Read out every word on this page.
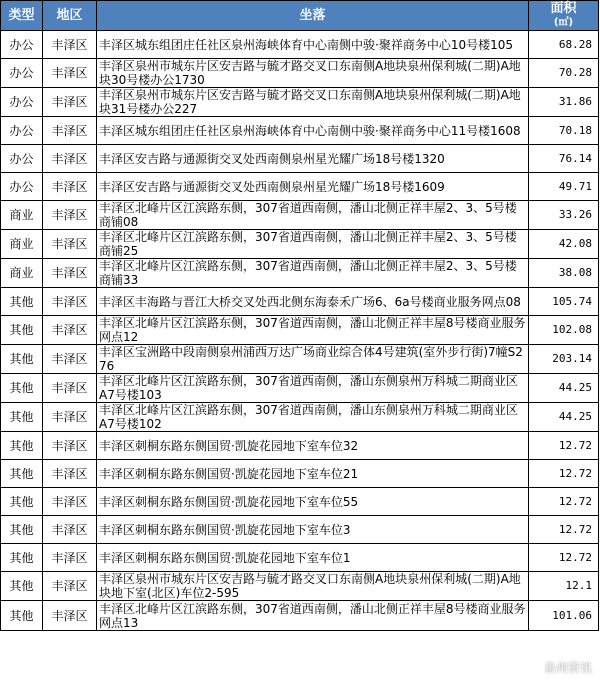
类型	地区	坐落	面积
(㎡)
办公	丰泽区	丰泽区城东组团庄任社区泉州海峡体育中心南侧中骏·聚祥商务中心10号楼105	68.28
办公	丰泽区	丰泽区泉州市城东片区安吉路与毓才路交叉口东南侧A地块泉州保利城(二期)A地块30号楼办公1730	70.28
办公	丰泽区	丰泽区泉州市城东片区安吉路与毓才路交叉口东南侧A地块泉州保利城(二期)A地块31号楼办公227	31.86
办公	丰泽区	丰泽区城东组团庄任社区泉州海峡体育中心南侧中骏·聚祥商务中心11号楼1608	70.18
办公	丰泽区	丰泽区安吉路与通源街交叉处西南侧泉州星光耀广场18号楼1320	76.14
办公	丰泽区	丰泽区安吉路与通源街交叉处西南侧泉州星光耀广场18号楼1609	49.71
商业	丰泽区	丰泽区北峰片区江滨路东侧，307省道西南侧，潘山北侧正祥丰屋2、3、5号楼商铺08	33.26
商业	丰泽区	丰泽区北峰片区江滨路东侧，307省道西南侧，潘山北侧正祥丰屋2、3、5号楼商铺25	42.08
商业	丰泽区	丰泽区北峰片区江滨路东侧，307省道西南侧，潘山北侧正祥丰屋2、3、5号楼商铺33	38.08
其他	丰泽区	丰泽区丰海路与晋江大桥交叉处西北侧东海泰禾广场6、6a号楼商业服务网点08	105.74
其他	丰泽区	丰泽区北峰片区江滨路东侧，307省道西南侧，潘山北侧正祥丰屋8号楼商业服务网点12	102.08
其他	丰泽区	丰泽区宝洲路中段南侧泉州浦西万达广场商业综合体4号建筑(室外步行街)7幢S276	203.14
其他	丰泽区	丰泽区北峰片区江滨路东侧，307省道西南侧，潘山东侧泉州万科城二期商业区A7号楼103	44.25
其他	丰泽区	丰泽区北峰片区江滨路东侧，307省道西南侧，潘山东侧泉州万科城二期商业区A7号楼102	44.25
其他	丰泽区	丰泽区刺桐东路东侧国贸·凯旋花园地下室车位32	12.72
其他	丰泽区	丰泽区刺桐东路东侧国贸·凯旋花园地下室车位21	12.72
其他	丰泽区	丰泽区刺桐东路东侧国贸·凯旋花园地下室车位55	12.72
其他	丰泽区	丰泽区刺桐东路东侧国贸·凯旋花园地下室车位3	12.72
其他	丰泽区	丰泽区刺桐东路东侧国贸·凯旋花园地下室车位1	12.72
其他	丰泽区	丰泽区泉州市城东片区安吉路与毓才路交叉口东南侧A地块泉州保利城(二期)A地块地下室(北区)车位2-595	12.1
其他	丰泽区	丰泽区北峰片区江滨路东侧，307省道西南侧，潘山北侧正祥丰屋8号楼商业服务网点13	101.06
泉州资讯
